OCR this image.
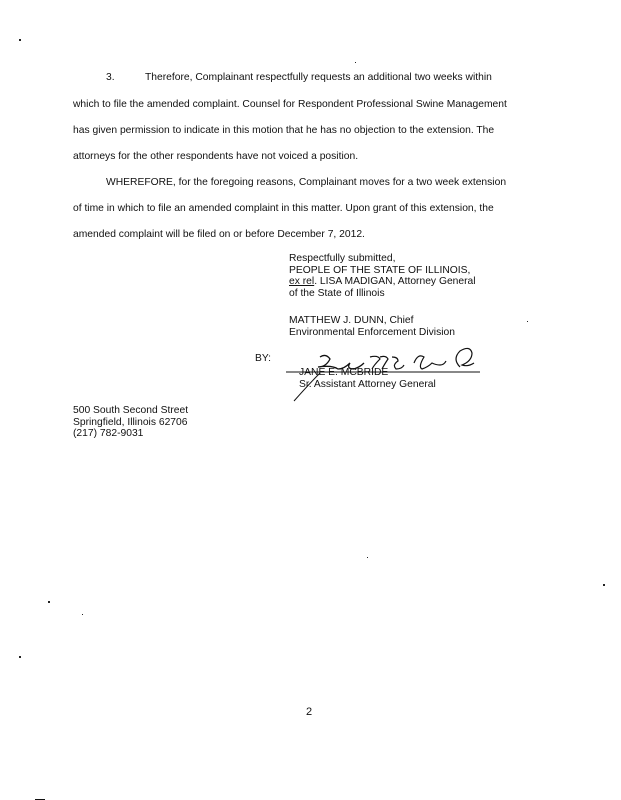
3.	Therefore, Complainant respectfully requests an additional two weeks within
which to file the amended complaint. Counsel for Respondent Professional Swine Management
has given permission to indicate in this motion that he has no objection to the extension. The
attorneys for the other respondents have not voiced a position.
WHEREFORE, for the foregoing reasons, Complainant moves for a two week extension
of time in which to file an amended complaint in this matter. Upon grant of this extension, the
amended complaint will be filed on or before December 7, 2012.
Respectfully submitted,
PEOPLE OF THE STATE OF ILLINOIS,
ex rel. LISA MADIGAN, Attorney General
of the State of Illinois
MATTHEW J. DUNN, Chief
Environmental Enforcement Division
BY:
JANE E. MCBRIDE
Sr. Assistant Attorney General
500 South Second Street
Springfield, Illinois 62706
(217) 782-9031
2
